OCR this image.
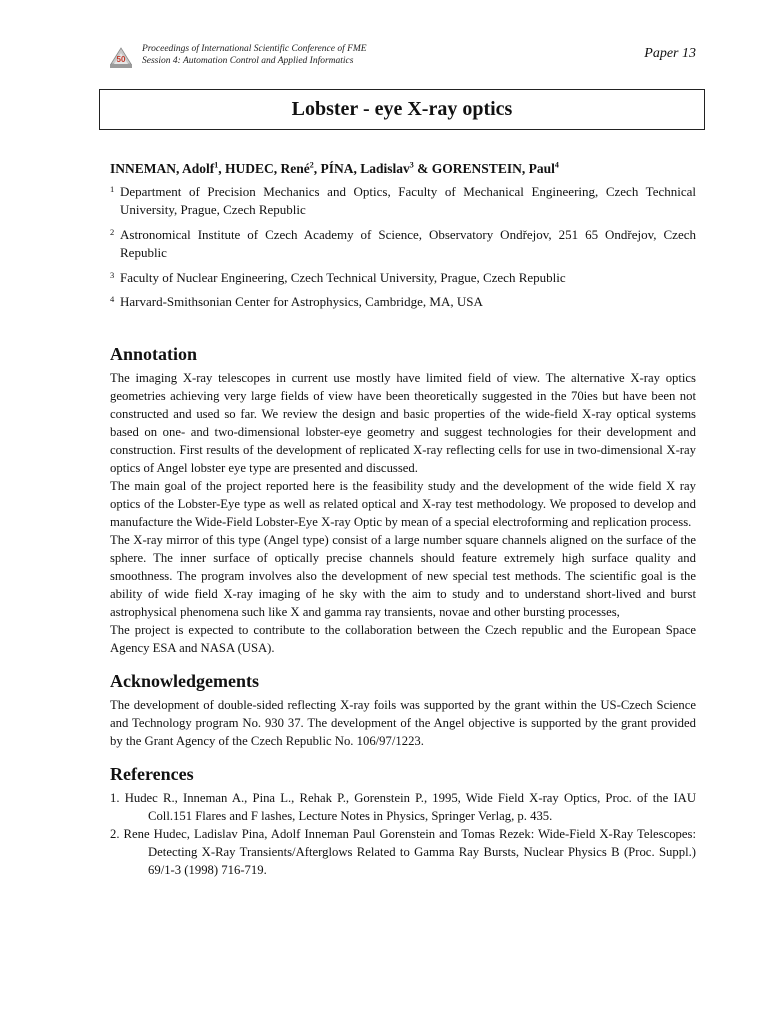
50
Proceedings of International Scientific Conference of FME
Session 4: Automation Control and Applied Informatics	Paper 13
Lobster - eye X-ray optics
INNEMAN, Adolf$^1$, HUDEC, René$^2$, PÍNA, Ladislav$^3$ & GORENSTEIN, Paul$^4$
1 Department of Precision Mechanics and Optics, Faculty of Mechanical Engineering, Czech Technical University, Prague, Czech Republic
2 Astronomical Institute of Czech Academy of Science, Observatory Ondřejov, 251 65 Ondřejov, Czech Republic
3 Faculty of Nuclear Engineering, Czech Technical University, Prague, Czech Republic
4 Harvard-Smithsonian Center for Astrophysics, Cambridge, MA, USA
Annotation

The imaging X-ray telescopes in current use mostly have limited field of view. The alternative X-ray optics geometries achieving very large fields of view have been theoretically suggested in the 70ies but have been not constructed and used so far. We review the design and basic properties of the wide-field X-ray optical systems based on one- and two-dimensional lobster-eye geometry and suggest technologies for their development and construction. First results of the development of replicated X-ray reflecting cells for use in two-dimensional X-ray optics of Angel lobster eye type are presented and discussed.

The main goal of the project reported here is the feasibility study and the development of the wide field X ray optics of the Lobster-Eye type as well as related optical and X-ray test methodology. We proposed to develop and manufacture the Wide-Field Lobster-Eye X-ray Optic by mean of a special electroforming and replication process.

The X-ray mirror of this type (Angel type) consist of a large number square channels aligned on the surface of the sphere. The inner surface of optically precise channels should feature extremely high surface quality and smoothness. The program involves also the development of new special test methods. The scientific goal is the ability of wide field X-ray imaging of he sky with the aim to study and to understand short-lived and burst astrophysical phenomena such like X and gamma ray transients, novae and other bursting processes,

The project is expected to contribute to the collaboration between the Czech republic and the European Space Agency ESA and NASA (USA).

Acknowledgements

The development of double-sided reflecting X-ray foils was supported by the grant within the US-Czech Science and Technology program No. 930 37. The development of the Angel objective is supported by the grant provided by the Grant Agency of the Czech Republic No. 106/97/1223.

References
1. Hudec R., Inneman A., Pina L., Rehak P., Gorenstein P., 1995, Wide Field X-ray Optics, Proc. of the IAU Coll.151 Flares and F lashes, Lecture Notes in Physics, Springer Verlag, p. 435.
2. Rene Hudec, Ladislav Pina, Adolf Inneman Paul Gorenstein and Tomas Rezek: Wide-Field X-Ray Telescopes: Detecting X-Ray Transients/Afterglows Related to Gamma Ray Bursts, Nuclear Physics B (Proc. Suppl.) 69/1-3 (1998) 716-719.
